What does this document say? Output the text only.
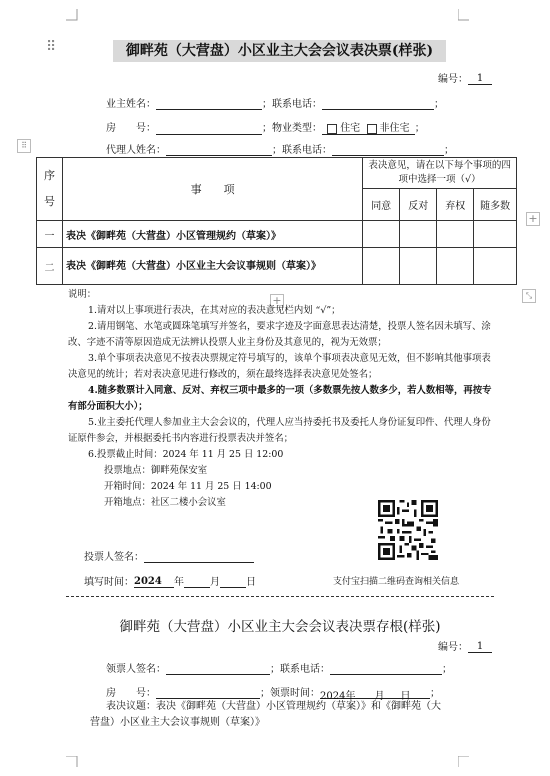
⠿	御畔苑（大营盘）小区业主大会会议表决票(样张)
编号： 1
业主姓名：	；联系电话：	；
房　　号：	；物业类型： 住宅 非住宅 ；
代理人姓名：	；联系电话：	；
⠿
+
+	⤡
序号	事　　项	表决意见，请在以下每个事项的四项中选择一项（√）			
		同意	反对	弃权	随多数
一	表决《御畔苑（大营盘）小区管理规约（草案）》				
二	表决《御畔苑（大营盘）小区业主大会议事规则（草案）》				
说明：
1.请对以上事项进行表决，在其对应的表决意见栏内划 “√”；
2.请用钢笔、水笔或圆珠笔填写并签名，要求字迹及字面意思表达清楚，投票人签名因未填写、涂改、字迹不清等原因造成无法辨认投票人业主身份及其意见的，视为无效票；
3.单个事项表决意见不按表决票规定符号填写的，该单个事项表决意见无效，但不影响其他事项表决意见的统计；若对表决意见进行修改的，须在最终选择表决意见处签名；
4.随多数票计入同意、反对、弃权三项中最多的一项（多数票先按人数多少，若人数相等，再按专有部分面积大小）；
5.业主委托代理人参加业主大会会议的，代理人应当持委托书及委托人身份证复印件、代理人身份证原件参会，并根据委托书内容进行投票表决并签名；
6.投票截止时间：2024 年 11 月 25 日 12:00
投票地点：御畔苑保安室
开箱时间：2024 年 11 月 25 日 14:00
开箱地点：社区二楼小会议室
投票人签名：
填写时间：2024 年	月	日	支付宝扫描二维码查询相关信息
御畔苑（大营盘）小区业主大会会议表决票存根(样张)
编号： 1
领票人签名：	；联系电话：	；
房　　号：	；领票时间：2024年 月 日 ；
表决议题：表决《御畔苑（大营盘）小区管理规约（草案）》和《御畔苑（大
营盘）小区业主大会议事规则（草案）》
